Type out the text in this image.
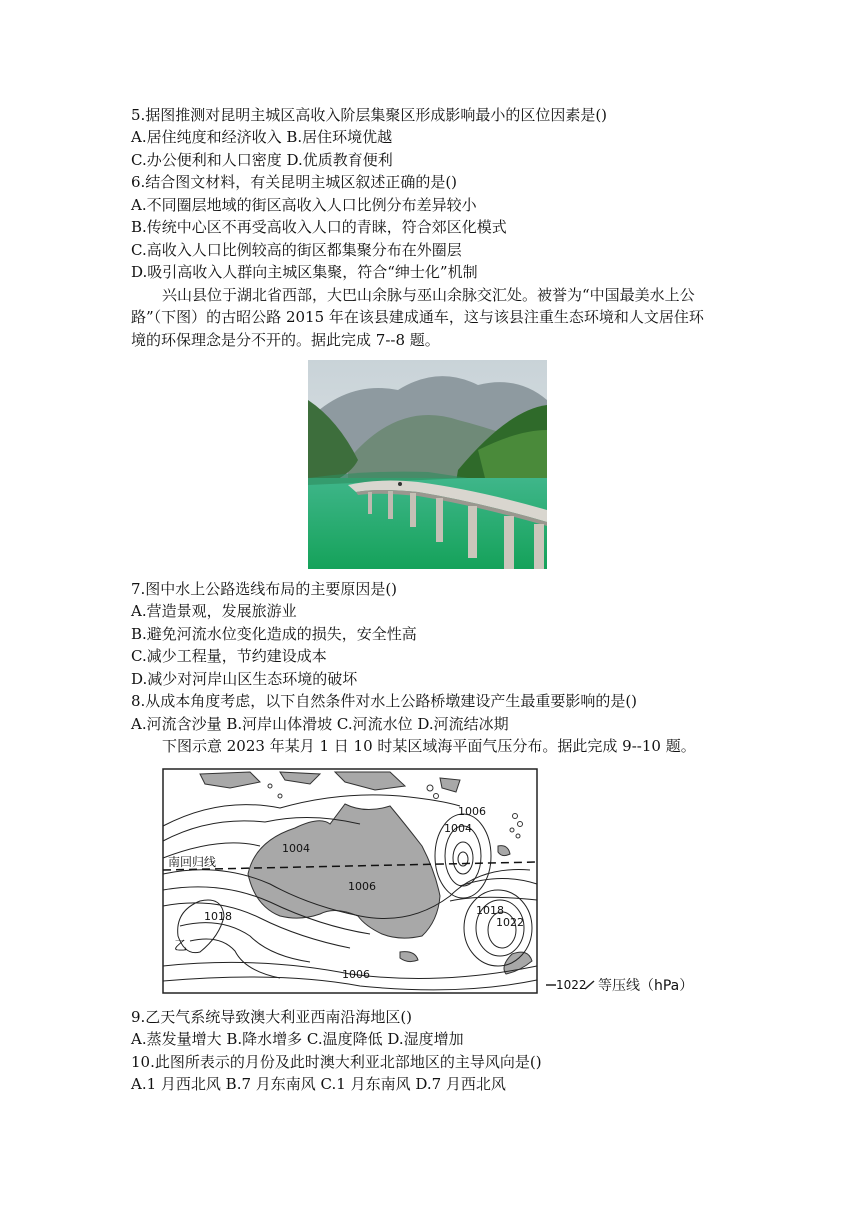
5.据图推测对昆明主城区高收入阶层集聚区形成影响最小的区位因素是()
A.居住纯度和经济收入 B.居住环境优越
C.办公便利和人口密度 D.优质教育便利
6.结合图文材料，有关昆明主城区叙述正确的是()
A.不同圈层地域的街区高收入人口比例分布差异较小
B.传统中心区不再受高收入人口的青睐，符合郊区化模式
C.高收入人口比例较高的街区都集聚分布在外圈层
D.吸引高收入人群向主城区集聚，符合“绅士化”机制
兴山县位于湖北省西部，大巴山余脉与巫山余脉交汇处。被誉为“中国最美水上公
路”（下图）的古昭公路 2015 年在该县建成通车，这与该县注重生态环境和人文居住环
境的环保理念是分不开的。据此完成 7--8 题。
7.图中水上公路选线布局的主要原因是()
A.营造景观，发展旅游业
B.避免河流水位变化造成的损失，安全性高
C.减少工程量，节约建设成本
D.减少对河岸山区生态环境的破坏
8.从成本角度考虑，以下自然条件对水上公路桥墩建设产生最重要影响的是()
A.河流含沙量 B.河岸山体滑坡 C.河流水位 D.河流结冰期
下图示意 2023 年某月 1 日 10 时某区域海平面气压分布。据此完成 9--10 题。
南回归线
1006
1004
1004
1006
1018	1018
1022
1006
乙
1022 等压线（hPa）
9.乙天气系统导致澳大利亚西南沿海地区()
A.蒸发量增大 B.降水增多 C.温度降低 D.湿度增加
10.此图所表示的月份及此时澳大利亚北部地区的主导风向是()
A.1 月西北风 B.7 月东南风 C.1 月东南风 D.7 月西北风
